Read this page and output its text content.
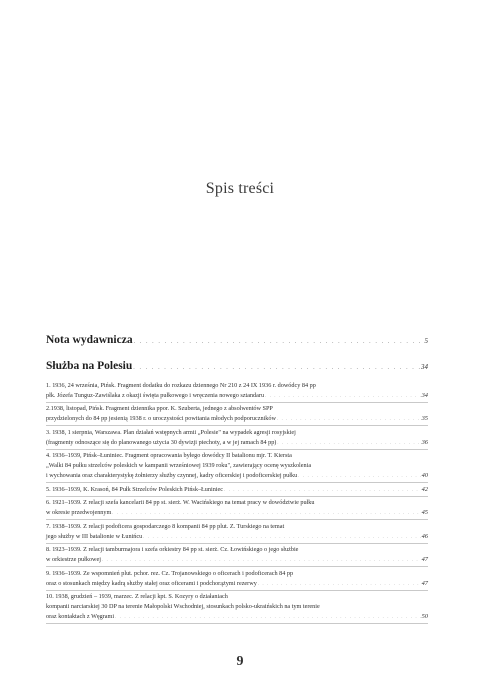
Spis treści
Nota wydawnicza . . .	5
Służba na Polesiu . . .	34
1. 1936, 24 września, Pińsk. Fragment dodatku do rozkazu dziennego Nr 210 z 24 IX 1936 r. dowódcy 84 pp
płk. Józefa Tunguz-Zawiślaka z okazji święta pułkowego i wręczenia nowego sztandaru . . .	34
2.1938, listopad, Pińsk. Fragment dziennika ppor. K. Szuberta, jednego z absolwentów SPP
przydzielonych do 84 pp jesienią 1938 r. o uroczystości powitania młodych podporuczników . . .	35
3. 1938, 1 sierpnia, Warszawa. Plan działań wstępnych armii „Polesie" na wypadek agresji rosyjskiej
(fragmenty odnoszące się do planowanego użycia 30 dywizji piechoty, a w jej ramach 84 pp) . . .	36
4. 1936–1939, Pińsk–Łuniniec. Fragment opracowania byłego dowódcy II batalionu mjr. T. Kiersta
„Walki 84 pułku strzelców poleskich w kampanii wrześniowej 1939 roku", zawierający ocenę wyszkolenia
i wychowania oraz charakterystykę żołnierzy służby czynnej, kadry oficerskiej i podoficerskiej pułku . . .	40
5. 1936–1939, K. Krasoń, 84 Pułk Strzelców Poleskich Pińsk–Łuniniec . . .	42
6. 1921–1939. Z relacji szefa kancelarii 84 pp st. sierż. W. Wacińskiego na temat pracy w dowództwie pułku
w okresie przedwojennym . . .	45
7. 1938–1939. Z relacji podoficera gospodarczego 8 kompanii 84 pp plut. Z. Turskiego na temat
jego służby w III batalionie w Łunińcu . . .	46
8. 1923–1939. Z relacji tamburmajora i szefa orkiestry 84 pp st. sierż. Cz. Łowińskiego o jego służbie
w orkiestrze pułkowej . . .	47
9. 1936–1939. Ze wspomnień plut. pchor. rez. Cz. Trojanowskiego o oficerach i podoficerach 84 pp
oraz o stosunkach między kadrą służby stałej oraz oficerami i podchorążymi rezerwy . . .	47
10. 1938, grudzień – 1939, marzec. Z relacji kpt. S. Kozyry o działaniach
kompanii narciarskiej 30 DP na terenie Małopolski Wschodniej, stosunkach polsko-ukraińskich na tym terenie
oraz kontaktach z Węgrami . . .	50
9
